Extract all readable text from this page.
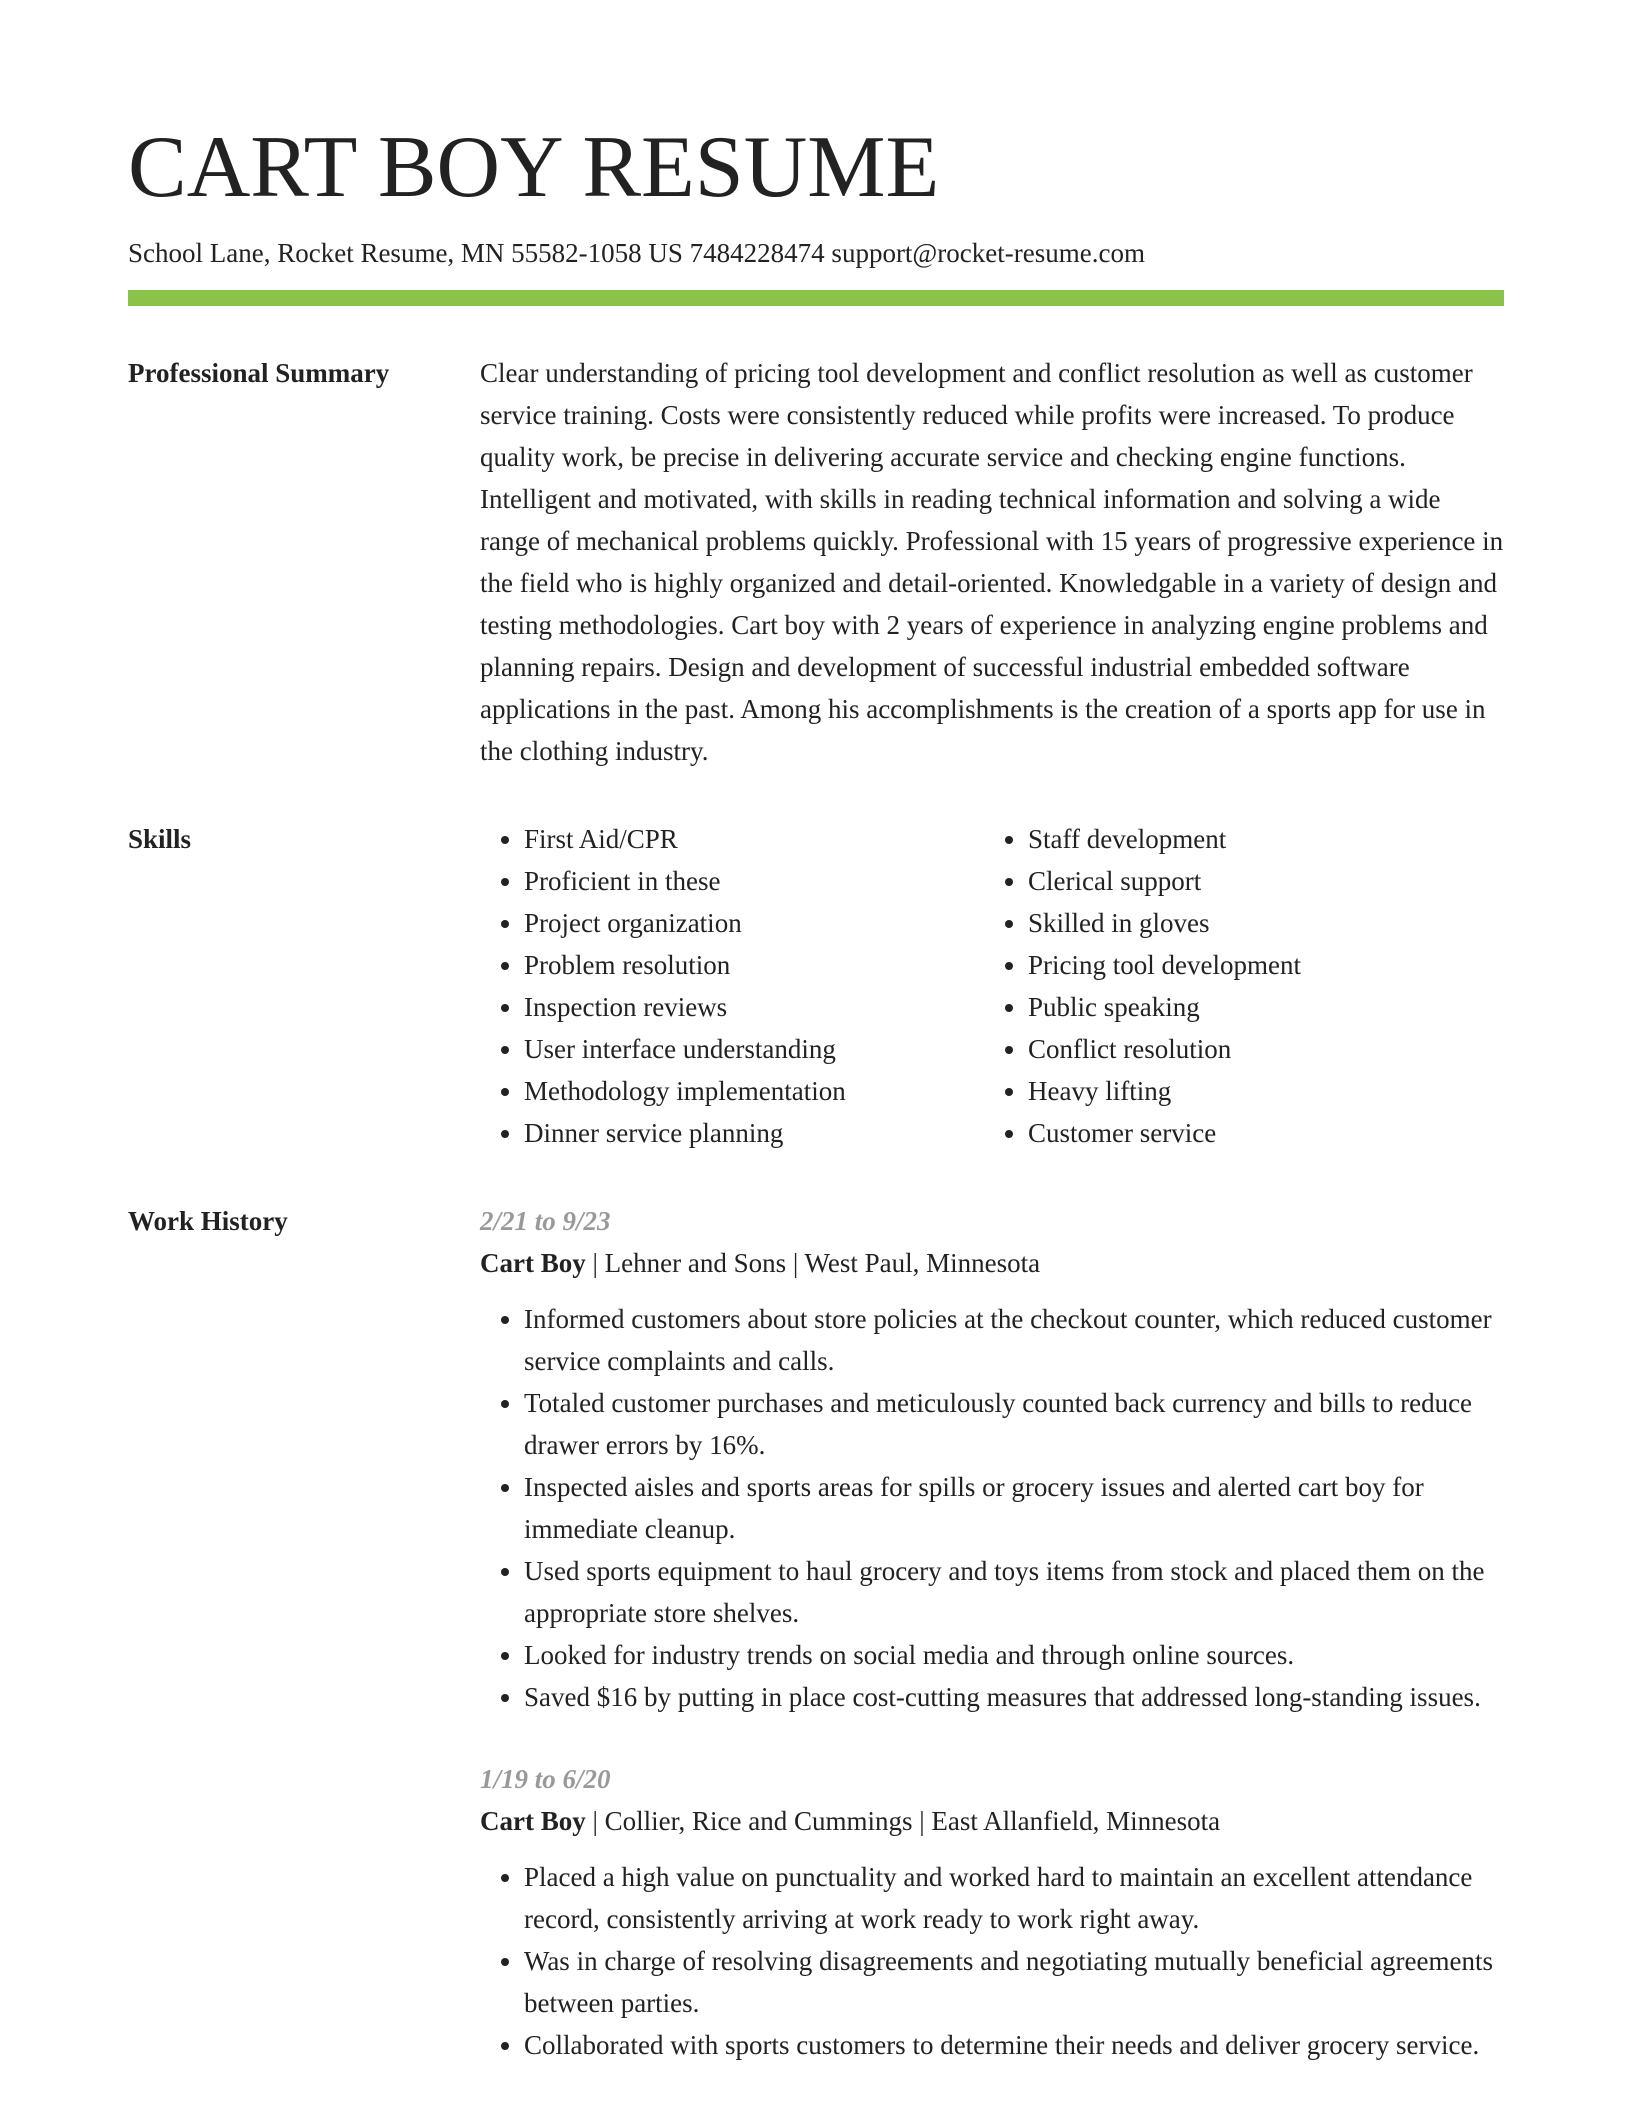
CART BOY RESUME
School Lane, Rocket Resume, MN 55582-1058 US 7484228474 support@rocket-resume.com
Professional Summary	Clear understanding of pricing tool development and conflict resolution as well as customer service training. Costs were consistently reduced while profits were increased. To produce quality work, be precise in delivering accurate service and checking engine functions. Intelligent and motivated, with skills in reading technical information and solving a wide range of mechanical problems quickly. Professional with 15 years of progressive experience in the field who is highly organized and detail-oriented. Knowledgable in a variety of design and testing methodologies. Cart boy with 2 years of experience in analyzing engine problems and planning repairs. Design and development of successful industrial embedded software applications in the past. Among his accomplishments is the creation of a sports app for use in the clothing industry.

Skills
•	First Aid/CPR
• Proficient in these
• Project organization
• Problem resolution
• Inspection reviews
• User interface understanding
• Methodology implementation
• Dinner service planning
• Staff development
• Clerical support
• Skilled in gloves
• Pricing tool development
• Public speaking
• Conflict resolution
• Heavy lifting
• Customer service
Work History	2/21 to 9/23
Cart Boy | Lehner and Sons | West Paul, Minnesota
• Informed customers about store policies at the checkout counter, which reduced customer service complaints and calls.
• Totaled customer purchases and meticulously counted back currency and bills to reduce drawer errors by 16%.
• Inspected aisles and sports areas for spills or grocery issues and alerted cart boy for immediate cleanup.
• Used sports equipment to haul grocery and toys items from stock and placed them on the appropriate store shelves.
• Looked for industry trends on social media and through online sources.
• Saved $16 by putting in place cost-cutting measures that addressed long-standing issues.
1/19 to 6/20
Cart Boy | Collier, Rice and Cummings | East Allanfield, Minnesota
• Placed a high value on punctuality and worked hard to maintain an excellent attendance record, consistently arriving at work ready to work right away.
• Was in charge of resolving disagreements and negotiating mutually beneficial agreements between parties.
• Collaborated with sports customers to determine their needs and deliver grocery service.
